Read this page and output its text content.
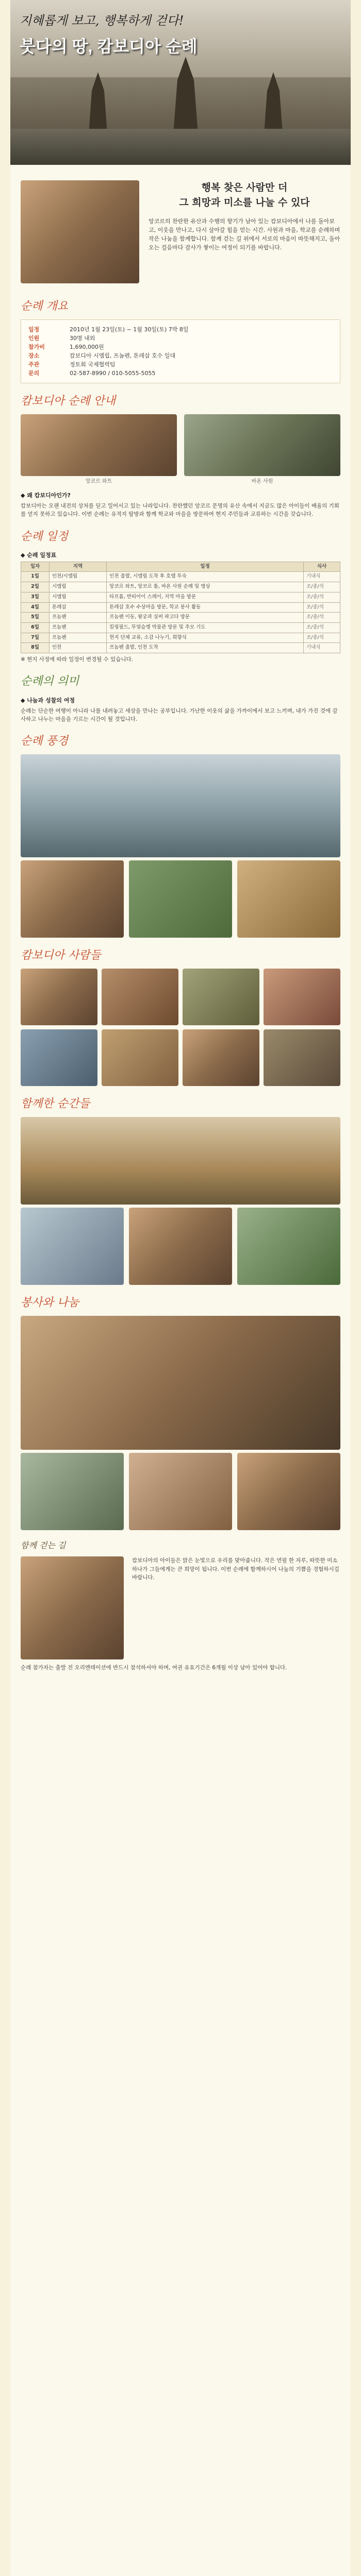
지혜롭게 보고, 행복하게 걷다!
붓다의 땅, 캄보디아 순례
행복 찾은 사람만 더
그 희망과 미소를 나눌 수 있다
앙코르의 찬란한 유산과 수행의 향기가 남아 있는 캄보디아에서 나를 돌아보고, 이웃을 만나고, 다시 살아갈 힘을 얻는 시간. 사원과 마을, 학교를 순례하며 작은 나눔을 함께합니다. 함께 걷는 길 위에서 서로의 마음이 따뜻해지고, 돌아오는 걸음마다 감사가 쌓이는 여정이 되기를 바랍니다.
순례 개요
일정	2010년 1월 23일(토) ~ 1월 30일(토) 7박 8일
인원	30명 내외
참가비	1,690,000원
장소	캄보디아 시엠립, 프놈펜, 톤레삽 호수 일대
주관	정토회 국제협력팀
문의	02-587-8990 / 010-5055-5055
캄보디아 순례 안내
앙코르 와트	바욘 사원
◆ 왜 캄보디아인가?

캄보디아는 오랜 내전의 상처를 딛고 일어서고 있는 나라입니다. 찬란했던 앙코르 문명의 유산 속에서 지금도 많은 아이들이 배움의 기회를 얻지 못하고 있습니다. 이번 순례는 유적지 탐방과 함께 학교와 마을을 방문하여 현지 주민들과 교류하는 시간을 갖습니다.

순례 일정
◆ 순례 일정표
일자	지역	일정	식사
1일	인천/시엠립	인천 출발, 시엠립 도착 후 호텔 투숙	기내식
2일	시엠립	앙코르 와트, 앙코르 톰, 바욘 사원 순례 및 명상	조/중/석
3일	시엠립	타프롬, 반띠아이 스레이, 지역 마을 방문	조/중/석
4일	톤레삽	톤레삽 호수 수상마을 방문, 학교 봉사 활동	조/중/석
5일	프놈펜	프놈펜 이동, 왕궁과 실버 파고다 방문	조/중/석
6일	프놈펜	킬링필드, 뚜얼슬렝 박물관 방문 및 추모 기도	조/중/석
7일	프놈펜	현지 단체 교류, 소감 나누기, 회향식	조/중/석
8일	인천	프놈펜 출발, 인천 도착	기내식

※ 현지 사정에 따라 일정이 변경될 수 있습니다.

순례의 의미
◆ 나눔과 성찰의 여정

순례는 단순한 여행이 아니라 나를 내려놓고 세상을 만나는 공부입니다. 가난한 이웃의 삶을 가까이에서 보고 느끼며, 내가 가진 것에 감사하고 나누는 마음을 기르는 시간이 될 것입니다.

순례 풍경
캄보디아 사람들
함께한 순간들
봉사와 나눔
함께 걷는 길
캄보디아의 아이들은 맑은 눈빛으로 우리를 맞아줍니다. 작은 연필 한 자루, 따뜻한 미소 하나가 그들에게는 큰 희망이 됩니다. 이번 순례에 함께하시어 나눔의 기쁨을 경험하시길 바랍니다.

순례 참가자는 출발 전 오리엔테이션에 반드시 참석하셔야 하며, 여권 유효기간은 6개월 이상 남아 있어야 합니다.
